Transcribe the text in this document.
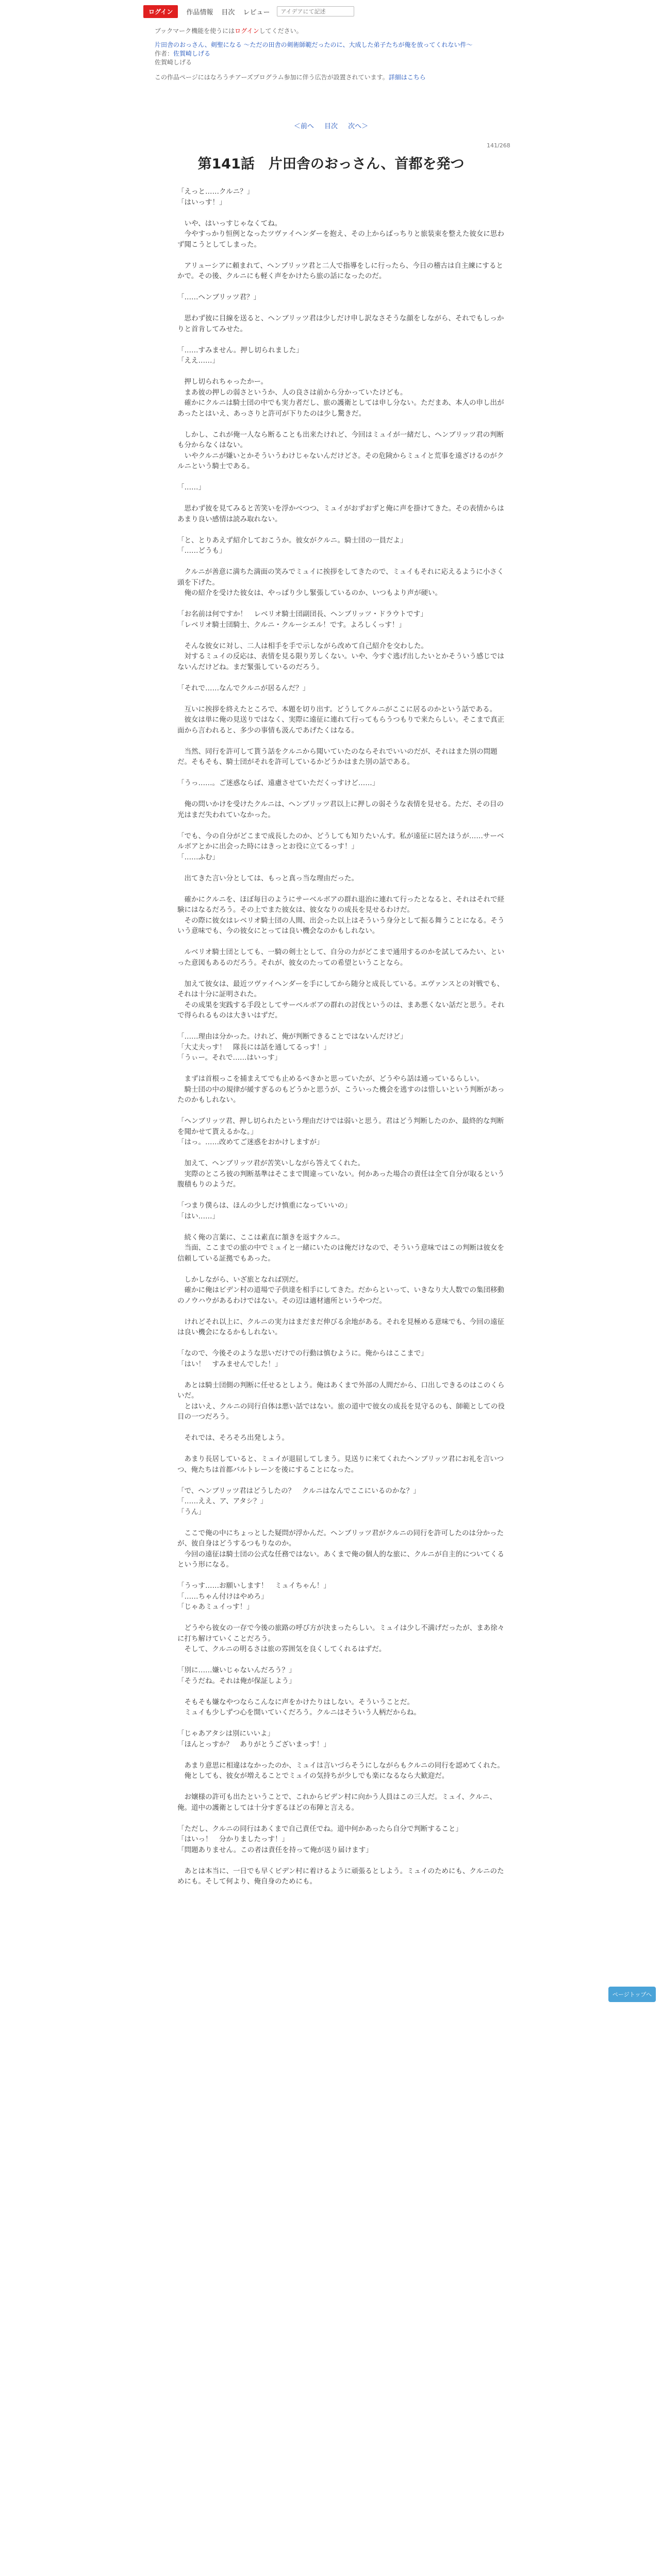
ログイン	作品情報 目次 レビュー
アイデアにて記述
ブックマーク機能を使うにはログインしてください。
片田舎のおっさん、剣聖になる 〜ただの田舎の剣術師範だったのに、大成した弟子たちが俺を放ってくれない件〜
作者：佐賀崎しげる
佐賀崎しげる
この作品ページにはなろうチアーズプログラム参加に伴う広告が設置されています。詳細はこちら
＜前へ 目次 次へ＞
141/268
第141話　片田舎のおっさん、首都を発つ

「えっと……クルニ？」

「はいっす！」

　いや、はいっすじゃなくてね。

　今やすっかり恒例となったツヴァイヘンダーを抱え、その上からばっちりと旅装束を整えた彼女に思わず聞こうとしてしまった。

　アリューシアに頼まれて、ヘンブリッツ君と二人で指導をしに行ったら、今日の稽古は自主練にするとかで。その後、クルニにも軽く声をかけたら旅の話になったのだ。

「……ヘンブリッツ君？」

　思わず彼に目線を送ると、ヘンブリッツ君は少しだけ申し訳なさそうな顔をしながら、それでもしっかりと首肯してみせた。

「……すみません。押し切られました」

「ええ……」

　押し切られちゃったかー。

　まあ彼の押しの弱さというか、人の良さは前から分かっていたけども。

　確かにクルニは騎士団の中でも実力者だし、旅の護衛としては申し分ない。ただまあ、本人の申し出があったとはいえ、あっさりと許可が下りたのは少し驚きだ。

　しかし、これが俺一人なら断ることも出来たけれど、今回はミュイが一緒だし、ヘンブリッツ君の判断も分からなくはない。

　いやクルニが嫌いとかそういうわけじゃないんだけどさ。その危険からミュイと荒事を遠ざけるのがクルニという騎士である。

「……」

　思わず彼を見てみると苦笑いを浮かべつつ、ミュイがおずおずと俺に声を掛けてきた。その表情からはあまり良い感情は読み取れない。

「と、とりあえず紹介しておこうか。彼女がクルニ。騎士団の一員だよ」

「……どうも」

　クルニが善意に満ちた満面の笑みでミュイに挨拶をしてきたので、ミュイもそれに応えるように小さく頭を下げた。

　俺の紹介を受けた彼女は、やっぱり少し緊張しているのか、いつもより声が硬い。

「お名前は何ですか！　レベリオ騎士団副団長、ヘンブリッツ・ドラウトです」

「レベリオ騎士団騎士、クルニ・クルーシエル！です。よろしくっす！」

　そんな彼女に対し、二人は相手を手で示しながら改めて自己紹介を交わした。

　対するミュイの反応は、表情を見る限り芳しくない。いや、今すぐ逃げ出したいとかそういう感じではないんだけどね。まだ緊張しているのだろう。

「それで……なんでクルニが居るんだ？」

　互いに挨拶を終えたところで、本題を切り出す。どうしてクルニがここに居るのかという話である。

　彼女は単に俺の見送りではなく、実際に遠征に連れて行ってもらうつもりで来たらしい。そこまで真正面から言われると、多少の事情も汲んであげたくはなる。

　当然、同行を許可して貰う話をクルニから聞いていたのならそれでいいのだが、それはまた別の問題だ。そもそも、騎士団がそれを許可しているかどうかはまた別の話である。

「うっ……。ご迷惑ならば、遠慮させていただくっすけど……」

　俺の問いかけを受けたクルニは、ヘンブリッツ君以上に押しの弱そうな表情を見せる。ただ、その目の光はまだ失われていなかった。

「でも、今の自分がどこまで成長したのか、どうしても知りたいんす。私が遠征に居たほうが……サーベルボアとかに出会った時にはきっとお役に立てるっす！」

「……ふむ」

　出てきた言い分としては、もっと真っ当な理由だった。

　確かにクルニを、ほぼ毎日のようにサーベルボアの群れ退治に連れて行ったとなると、それはそれで経験にはなるだろう。その上でまた彼女は、彼女なりの成長を見せるわけだ。

　その際に彼女はレベリオ騎士団の人間、出会った以上はそういう身分として振る舞うことになる。そういう意味でも、今の彼女にとっては良い機会なのかもしれない。

　ルベリオ騎士団としても、一騎の剣士として、自分の力がどこまで通用するのかを試してみたい、といった意図もあるのだろう。それが、彼女のたっての希望ということなら。

　加えて彼女は、最近ツヴァイヘンダーを手にしてから随分と成長している。エヴァンスとの対戦でも、それは十分に証明された。

　その成果を実践する手段としてサーベルボアの群れの討伐というのは、まあ悪くない話だと思う。それで得られるものは大きいはずだ。

「……理由は分かった。けれど、俺が判断できることではないんだけど」

「大丈夫っす！　隊長には話を通してるっす！」

「うぃー。それで……はいっす」

　まずは首根っこを捕まえてでも止めるべきかと思っていたが、どうやら話は通っているらしい。

　騎士団の中の規律が緩すぎるのもどうかと思うが、こういった機会を逃すのは惜しいという判断があったのかもしれない。

「ヘンブリッツ君、押し切られたという理由だけでは弱いと思う。君はどう判断したのか、最終的な判断を聞かせて貰えるかな。」

「はっ。……改めてご迷惑をおかけしますが」

　加えて、ヘンブリッツ君が苦笑いしながら答えてくれた。

　実際のところ彼の判断基準はそこまで間違っていない。何かあった場合の責任は全て自分が取るという腹積もりのようだ。

「つまり僕らは、ほんの少しだけ慎重になっていいの」

「はい……」

　続く俺の言葉に、ここは素直に頷きを返すクルニ。

　当面、ここまでの旅の中でミュイと一緒にいたのは俺だけなので、そういう意味ではこの判断は彼女を信頼している証拠でもあった。

　しかしながら、いざ旅となれば別だ。

　確かに俺はビデン村の道場で子供達を相手にしてきた。だからといって、いきなり大人数での集団移動のノウハウがあるわけではない。その辺は適材適所というやつだ。

　けれどそれ以上に、クルニの実力はまだまだ伸びる余地がある。それを見極める意味でも、今回の遠征は良い機会になるかもしれない。

「なので、今後そのような思いだけでの行動は慎むように。俺からはここまで」

「はい！　すみませんでした！」

　あとは騎士団側の判断に任せるとしよう。俺はあくまで外部の人間だから、口出しできるのはこのくらいだ。

　とはいえ、クルニの同行自体は悪い話ではない。旅の道中で彼女の成長を見守るのも、師範としての役目の一つだろう。

　それでは、そろそろ出発しよう。

　あまり長居していると、ミュイが退屈してしまう。見送りに来てくれたヘンブリッツ君にお礼を言いつつ、俺たちは首都バルトレーンを後にすることになった。

「で、ヘンブリッツ君はどうしたの？　クルニはなんでここにいるのかな？」

「……ええ、ア、アタシ？」

「うん」

　ここで俺の中にちょっとした疑問が浮かんだ。ヘンブリッツ君がクルニの同行を許可したのは分かったが、彼自身はどうするつもりなのか。

　今回の遠征は騎士団の公式な任務ではない。あくまで俺の個人的な旅に、クルニが自主的についてくるという形になる。

「うっす……お願いします！　ミュイちゃん！」

「……ちゃん付けはやめろ」

「じゃあミュイっす！」

　どうやら彼女の一存で今後の旅路の呼び方が決まったらしい。ミュイは少し不満げだったが、まあ徐々に打ち解けていくことだろう。

　そして、クルニの明るさは旅の雰囲気を良くしてくれるはずだ。

「別に……嫌いじゃないんだろう？」

「そうだね。それは俺が保証しよう」

　そもそも嫌なやつならこんなに声をかけたりはしない。そういうことだ。

　ミュイも少しずつ心を開いていくだろう。クルニはそういう人柄だからね。

「じゃあアタシは別にいいよ」

「ほんとっすか？　ありがとうございまっす！」

　あまり意思に相違はなかったのか、ミュイは言いづらそうにしながらもクルニの同行を認めてくれた。

　俺としても、彼女が増えることでミュイの気持ちが少しでも楽になるなら大歓迎だ。

　お嬢様の許可も出たということで、これからビデン村に向かう人員はこの三人だ。ミュイ、クルニ、俺。道中の護衛としては十分すぎるほどの布陣と言える。

「ただし、クルニの同行はあくまで自己責任でね。道中何かあったら自分で判断すること」

「はいっ！　分かりましたっす！」

「問題ありません。この者は責任を持って俺が送り届けます」

　あとは本当に、一日でも早くビデン村に着けるように頑張るとしよう。ミュイのためにも、クルニのためにも。そして何より、俺自身のためにも。

ページトップへ
